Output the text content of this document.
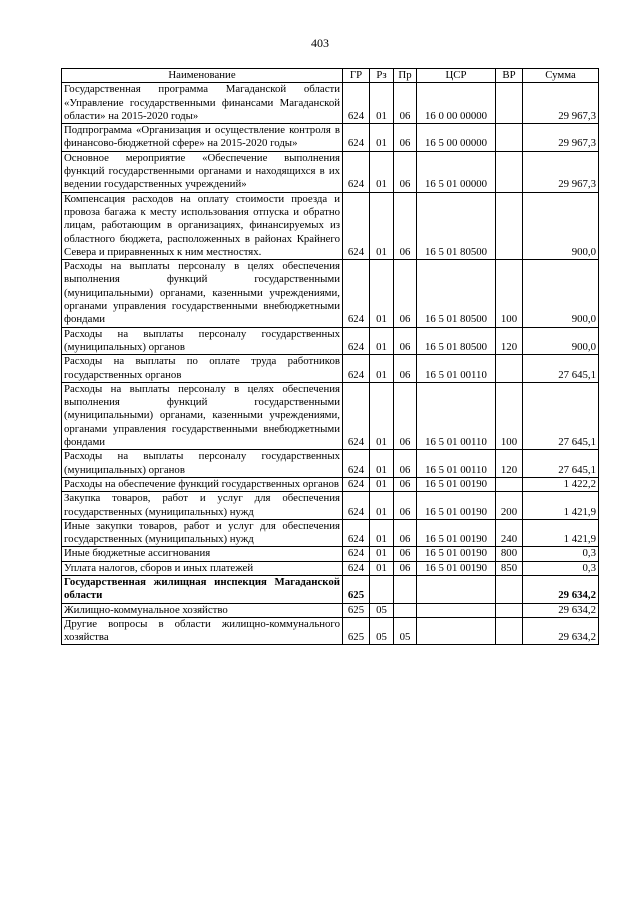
403
Наименование	ГР	Рз	Пр	ЦСР	ВР	Сумма
Государственная программа Магаданской области «Управление государственными финансами Магаданской области» на 2015-2020 годы»	624	01	06	16 0 00 00000		29 967,3
Подпрограмма «Организация и осуществление контроля в финансово-бюджетной сфере» на 2015-2020 годы»	624	01	06	16 5 00 00000		29 967,3
Основное мероприятие «Обеспечение выполнения функций государственными органами и находящихся в их ведении государственных учреждений»	624	01	06	16 5 01 00000		29 967,3
Компенсация расходов на оплату стоимости проезда и провоза багажа к месту использования отпуска и обратно лицам, работающим в организациях, финансируемых из областного бюджета, расположенных в районах Крайнего Севера и приравненных к ним местностях.	624	01	06	16 5 01 80500		900,0
Расходы на выплаты персоналу в целях обеспечения выполнения функций государственными (муниципальными) органами, казенными учреждениями, органами управления государственными внебюджетными фондами	624	01	06	16 5 01 80500	100	900,0
Расходы на выплаты персоналу государственных (муниципальных) органов	624	01	06	16 5 01 80500	120	900,0
Расходы на выплаты по оплате труда работников государственных органов	624	01	06	16 5 01 00110		27 645,1
Расходы на выплаты персоналу в целях обеспечения выполнения функций государственными (муниципальными) органами, казенными учреждениями, органами управления государственными внебюджетными фондами	624	01	06	16 5 01 00110	100	27 645,1
Расходы на выплаты персоналу государственных (муниципальных) органов	624	01	06	16 5 01 00110	120	27 645,1
Расходы на обеспечение функций государственных органов	624	01	06	16 5 01 00190		1 422,2
Закупка товаров, работ и услуг для обеспечения государственных (муниципальных) нужд	624	01	06	16 5 01 00190	200	1 421,9
Иные закупки товаров, работ и услуг для обеспечения государственных (муниципальных) нужд	624	01	06	16 5 01 00190	240	1 421,9
Иные бюджетные ассигнования	624	01	06	16 5 01 00190	800	0,3
Уплата налогов, сборов и иных платежей	624	01	06	16 5 01 00190	850	0,3
Государственная жилищная инспекция Магаданской области	625					29 634,2
Жилищно-коммунальное хозяйство	625	05				29 634,2
Другие вопросы в области жилищно-коммунального хозяйства	625	05	05			29 634,2
